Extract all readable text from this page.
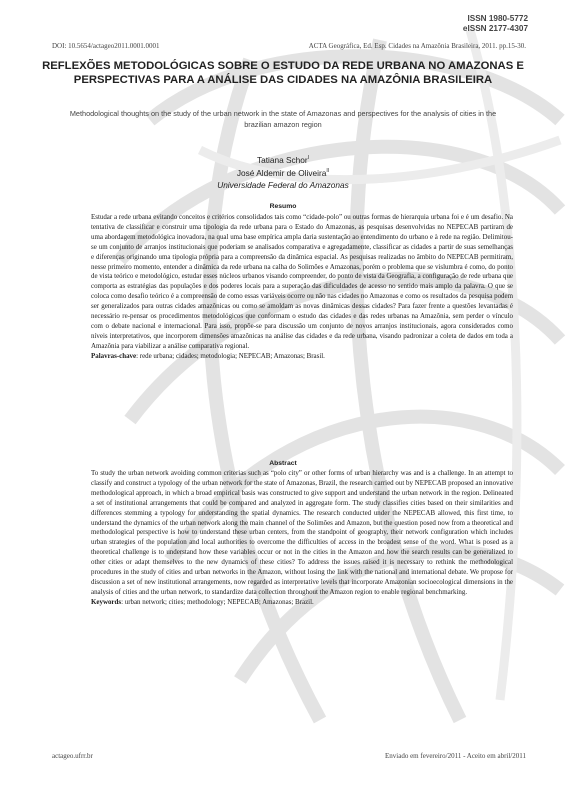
ISSN 1980-5772
eISSN 2177-4307
DOI: 10.5654/actageo2011.0001.0001	ACTA Geográfica, Ed. Esp. Cidades na Amazônia Brasileira, 2011. pp.15-30.
REFLEXÕES METODOLÓGICAS SOBRE O ESTUDO DA REDE URBANA NO AMAZONAS E PERSPECTIVAS PARA A ANÁLISE DAS CIDADES NA AMAZÔNIA BRASILEIRA
Methodological thoughts on the study of the urban network in the state of Amazonas and perspectives for the analysis of cities in the brazilian amazon region
Tatiana Schor$^I$
José Aldemir de Oliveira$^{II}$
Universidade Federal do Amazonas
Resumo

Estudar a rede urbana evitando conceitos e critérios consolidados tais como “cidade-polo” ou outras formas de hierarquia urbana foi e é um desafio. Na tentativa de classificar e construir uma tipologia da rede urbana para o Estado do Amazonas, as pesquisas desenvolvidas no NEPECAB partiram de uma abordagem metodológica inovadora, na qual uma base empírica ampla daria sustentação ao entendimento do urbano e à rede na região. Delimitou-se um conjunto de arranjos institucionais que poderiam se analisados comparativa e agregadamente, classificar as cidades a partir de suas semelhanças e diferenças originando uma tipologia própria para a compreensão da dinâmica espacial. As pesquisas realizadas no âmbito do NEPECAB permitiram, nesse primeiro momento, entender a dinâmica da rede urbana na calha do Solimões e Amazonas, porém o problema que se vislumbra é como, do ponto de vista teórico e metodológico, estudar esses núcleos urbanos visando compreender, do ponto de vista da Geografia, a configuração de rede urbana que comporta as estratégias das populações e dos poderes locais para a superação das dificuldades de acesso no sentido mais amplo da palavra. O que se coloca como desafio teórico é a compreensão de como essas variáveis ocorre ou não nas cidades no Amazonas e como os resultados da pesquisa podem ser generalizados para outras cidades amazônicas ou como se amoldam as novas dinâmicas dessas cidades? Para fazer frente a questões levantadas é necessário re-pensar os procedimentos metodológicos que conformam o estudo das cidades e das redes urbanas na Amazônia, sem perder o vínculo com o debate nacional e internacional. Para isso, propõe-se para discussão um conjunto de novos arranjos institucionais, agora considerados como níveis interpretativos, que incorporem dimensões amazônicas na análise das cidades e da rede urbana, visando padronizar a coleta de dados em toda a Amazônia para viabilizar a análise comparativa regional.

Palavras-chave: rede urbana; cidades; metodologia; NEPECAB; Amazonas; Brasil.

Abstract

To study the urban network avoiding common criterias such as “polo city” or other forms of urban hierarchy was and is a challenge. In an attempt to classify and construct a typology of the urban network for the state of Amazonas, Brazil, the research carried out by NEPECAB proposed an innovative methodological approach, in which a broad empirical basis was constructed to give support and understand the urban network in the region. Delineated a set of institutional arrangements that could be compared and analyzed in aggregate form. The study classifies cities based on their similarities and differences stemming a typology for understanding the spatial dynamics. The research conducted under the NEPECAB allowed, this first time, to understand the dynamics of the urban network along the main channel of the Solimões and Amazon, but the question posed now from a theoretical and methodological perspective is how to understand these urban centers, from the standpoint of geography, their network configuration which includes urban strategies of the population and local authorities to overcome the difficulties of access in the broadest sense of the word. What is posed as a theoretical challenge is to understand how these variables occur or not in the cities in the Amazon and how the search results can be generalized to other cities or adapt themselves to the new dynamics of these cities? To address the issues raised it is necessary to rethink the methodological procedures in the study of cities and urban networks in the Amazon, without losing the link with the national and international debate. We propose for discussion a set of new institutional arrangements, now regarded as interpretative levels that incorporate Amazonian socioecological dimensions in the analysis of cities and the urban network, to standardize data collection throughout the Amazon region to enable regional benchmarking.

Keywords: urban network; cities; methodology; NEPECAB; Amazonas; Brazil.

actageo.ufrr.br	Enviado em fevereiro/2011 - Aceito em abril/2011
